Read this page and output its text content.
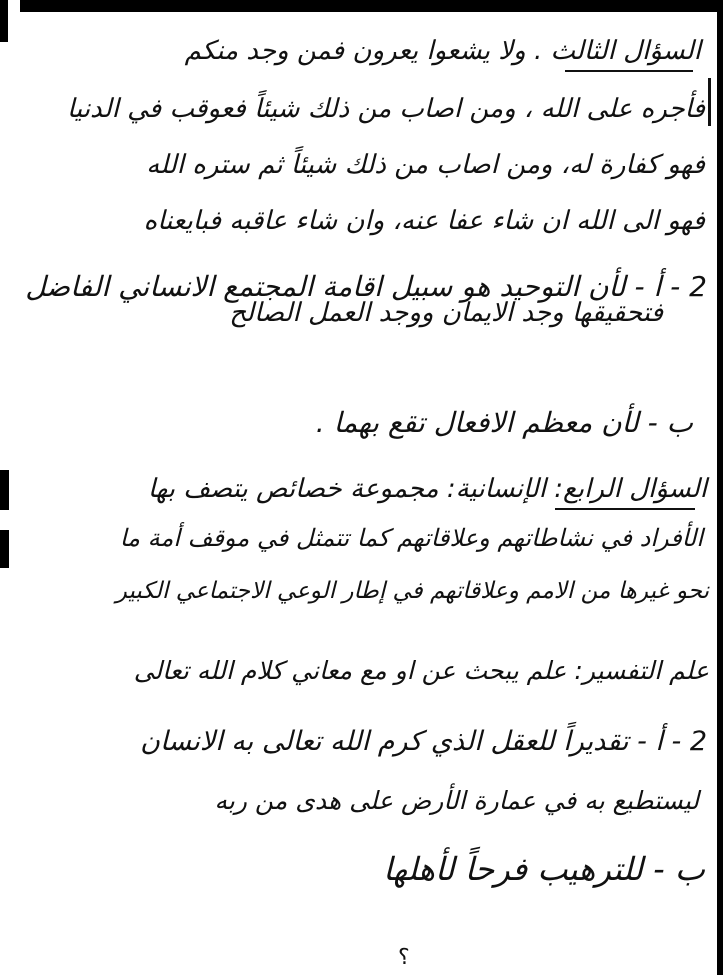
السؤال الثالث . ولا يشعوا يعرون فمن وجد منكم
فأجره على الله ، ومن اصاب من ذلك شيئاً فعوقب في الدنيا
فهو كفارة له، ومن اصاب من ذلك شيئاً ثم ستره الله
فهو الى الله ان شاء عفا عنه، وان شاء عاقبه فبايعناه
2 - أ - لأن التوحيد هو سبيل اقامة المجتمع الانساني الفاضل
فتحقيقها وجد الايمان ووجد العمل الصالح
ب - لأن معظم الافعال تقع بهما .
السؤال الرابع: الإنسانية: مجموعة خصائص يتصف بها
الأفراد في نشاطاتهم وعلاقاتهم كما تتمثل في موقف أمة ما
نحو غيرها من الامم وعلاقاتهم في إطار الوعي الاجتماعي الكبير
علم التفسير: علم يبحث عن او مع معاني كلام الله تعالى
2 - أ - تقديراً للعقل الذي كرم الله تعالى به الانسان
ليستطيع به في عمارة الأرض على هدى من ربه
ب - للترهيب فرحاً لأهلها
؟
